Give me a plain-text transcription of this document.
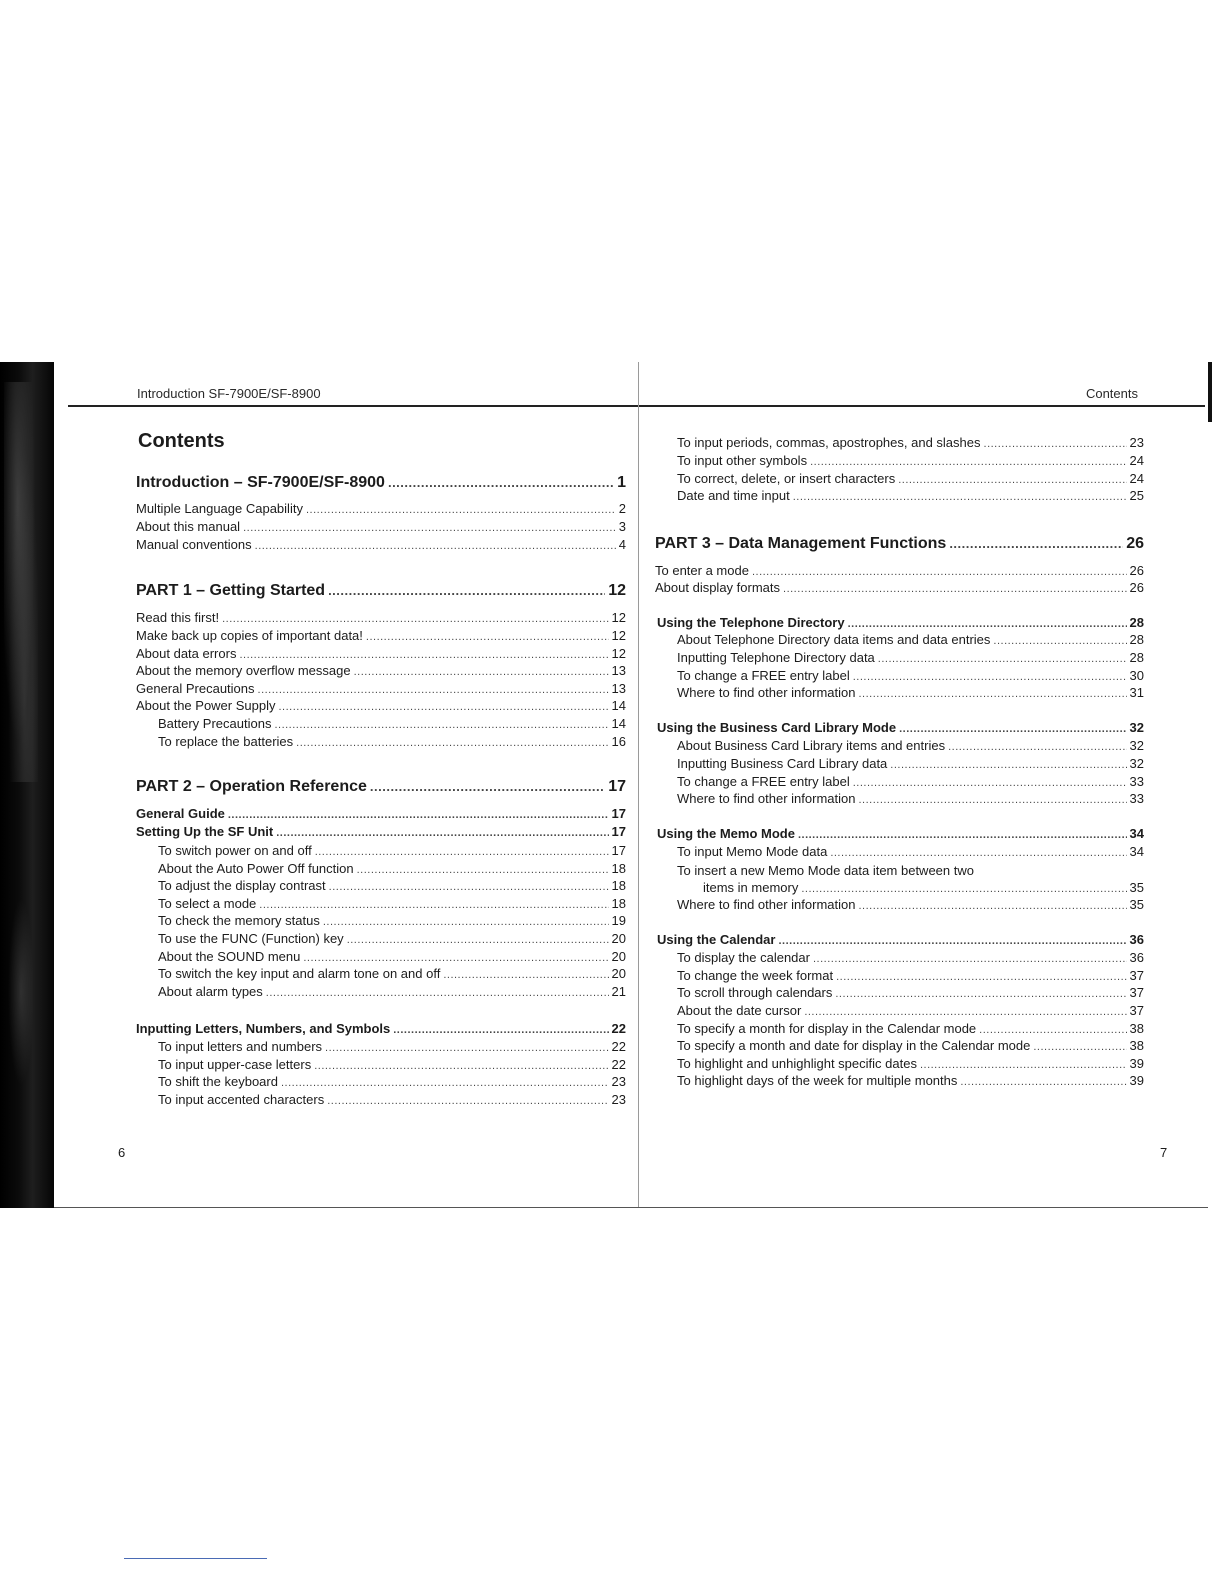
Introduction SF-7900E/SF-8900
Contents
Introduction – SF-7900E/SF-8900 .....	1
Multiple Language Capability .....	2
About this manual .....	3
Manual conventions .....	4
PART 1 – Getting Started .....	12
Read this first! .....	12
Make back up copies of important data! .....	12
About data errors .....	12
About the memory overflow message .....	13
General Precautions .....	13
About the Power Supply .....	14
Battery Precautions .....	14
To replace the batteries .....	16
PART 2 – Operation Reference .....	17
General Guide .....	17
Setting Up the SF Unit .....	17
To switch power on and off .....	17
About the Auto Power Off function .....	18
To adjust the display contrast .....	18
To select a mode .....	18
To check the memory status .....	19
To use the FUNC (Function) key .....	20
About the SOUND menu .....	20
To switch the key input and alarm tone on and off .....	20
About alarm types .....	21
Inputting Letters, Numbers, and Symbols .....	22
To input letters and numbers .....	22
To input upper-case letters .....	22
To shift the keyboard .....	23
To input accented characters .....	23
6
Contents
To input periods, commas, apostrophes, and slashes .....	23
To input other symbols .....	24
To correct, delete, or insert characters .....	24
Date and time input .....	25
PART 3 – Data Management Functions .....	26
To enter a mode .....	26
About display formats .....	26
Using the Telephone Directory .....	28
About Telephone Directory data items and data entries .....	28
Inputting Telephone Directory data .....	28
To change a FREE entry label .....	30
Where to find other information .....	31
Using the Business Card Library Mode .....	32
About Business Card Library items and entries .....	32
Inputting Business Card Library data .....	32
To change a FREE entry label .....	33
Where to find other information .....	33
Using the Memo Mode .....	34
To input Memo Mode data .....	34
To insert a new Memo Mode data item between two
items in memory .....	35
Where to find other information .....	35
Using the Calendar .....	36
To display the calendar .....	36
To change the week format .....	37
To scroll through calendars .....	37
About the date cursor .....	37
To specify a month for display in the Calendar mode .....	38
To specify a month and date for display in the Calendar mode .....	38
To highlight and unhighlight specific dates .....	39
To highlight days of the week for multiple months .....	39
7
